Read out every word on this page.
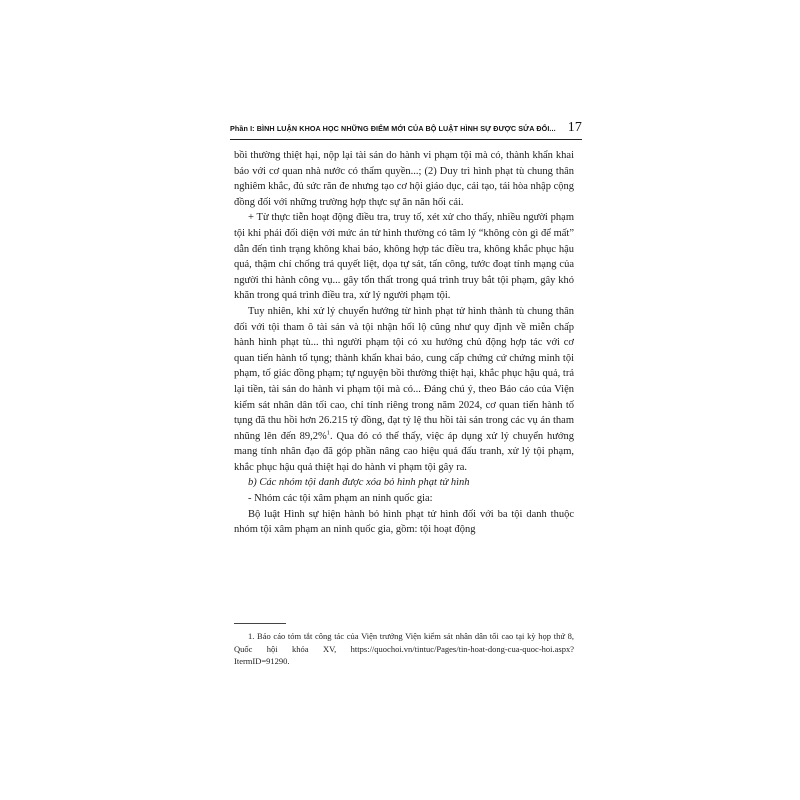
Phần I: BÌNH LUẬN KHOA HỌC NHỮNG ĐIỂM MỚI CỦA BỘ LUẬT HÌNH SỰ ĐƯỢC SỬA ĐỔI... 17

bồi thường thiệt hại, nộp lại tài sản do hành vi phạm tội mà có, thành khẩn khai báo với cơ quan nhà nước có thẩm quyền...; (2) Duy trì hình phạt tù chung thân nghiêm khắc, đủ sức răn đe nhưng tạo cơ hội giáo dục, cải tạo, tái hòa nhập cộng đồng đối với những trường hợp thực sự ăn năn hối cải.

+ Từ thực tiễn hoạt động điều tra, truy tố, xét xử cho thấy, nhiều người phạm tội khi phải đối diện với mức án tử hình thường có tâm lý “không còn gì để mất” dẫn đến tình trạng không khai báo, không hợp tác điều tra, không khắc phục hậu quả, thậm chí chống trả quyết liệt, dọa tự sát, tấn công, tước đoạt tính mạng của người thi hành công vụ... gây tổn thất trong quá trình truy bắt tội phạm, gây khó khăn trong quá trình điều tra, xử lý người phạm tội.

Tuy nhiên, khi xử lý chuyển hướng từ hình phạt tử hình thành tù chung thân đối với tội tham ô tài sản và tội nhận hối lộ cũng như quy định về miễn chấp hành hình phạt tù... thì người phạm tội có xu hướng chủ động hợp tác với cơ quan tiến hành tố tụng; thành khẩn khai báo, cung cấp chứng cứ chứng minh tội phạm, tố giác đồng phạm; tự nguyện bồi thường thiệt hại, khắc phục hậu quả, trả lại tiền, tài sản do hành vi phạm tội mà có... Đáng chú ý, theo Báo cáo của Viện kiểm sát nhân dân tối cao, chỉ tính riêng trong năm 2024, cơ quan tiến hành tố tụng đã thu hồi hơn 26.215 tỷ đồng, đạt tỷ lệ thu hồi tài sản trong các vụ án tham nhũng lên đến 89,2%$^1$. Qua đó có thể thấy, việc áp dụng xử lý chuyển hướng mang tính nhân đạo đã góp phần nâng cao hiệu quả đấu tranh, xử lý tội phạm, khắc phục hậu quả thiệt hại do hành vi phạm tội gây ra.

b) Các nhóm tội danh được xóa bỏ hình phạt tử hình

- Nhóm các tội xâm phạm an ninh quốc gia:

Bộ luật Hình sự hiện hành bỏ hình phạt tử hình đối với ba tội danh thuộc nhóm tội xâm phạm an ninh quốc gia, gồm: tội hoạt động

1. Báo cáo tóm tắt công tác của Viện trưởng Viện kiểm sát nhân dân tối cao tại kỳ họp thứ 8, Quốc hội khóa XV, https://quochoi.vn/tintuc/Pages/tin-hoat-dong-cua-quoc-hoi.aspx?ItermID=91290.
